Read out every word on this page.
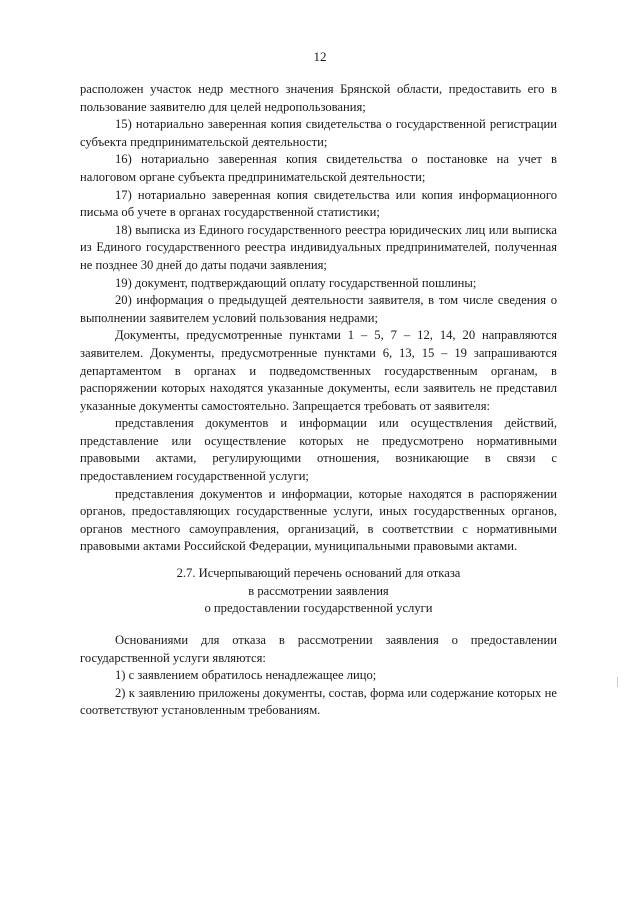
12

расположен участок недр местного значения Брянской области, предоставить его в пользование заявителю для целей недропользования;

15) нотариально заверенная копия свидетельства о государственной регистрации субъекта предпринимательской деятельности;

16) нотариально заверенная копия свидетельства о постановке на учет в налоговом органе субъекта предпринимательской деятельности;

17) нотариально заверенная копия свидетельства или копия информационного письма об учете в органах государственной статистики;

18) выписка из Единого государственного реестра юридических лиц или выписка из Единого государственного реестра индивидуальных предпринимателей, полученная не позднее 30 дней до даты подачи заявления;

19) документ, подтверждающий оплату государственной пошлины;

20) информация о предыдущей деятельности заявителя, в том числе сведения о выполнении заявителем условий пользования недрами;

Документы, предусмотренные пунктами 1 – 5, 7 – 12, 14, 20 направляются заявителем. Документы, предусмотренные пунктами 6, 13, 15 – 19 запрашиваются департаментом в органах и подведомственных государственным органам, в распоряжении которых находятся указанные документы, если заявитель не представил указанные документы самостоятельно. Запрещается требовать от заявителя:

представления документов и информации или осуществления действий, представление или осуществление которых не предусмотрено нормативными правовыми актами, регулирующими отношения, возникающие в связи с предоставлением государственной услуги;

представления документов и информации, которые находятся в распоряжении органов, предоставляющих государственные услуги, иных государственных органов, органов местного самоуправления, организаций, в соответствии с нормативными правовыми актами Российской Федерации, муниципальными правовыми актами.

2.7. Исчерпывающий перечень оснований для отказа
в рассмотрении заявления
о предоставлении государственной услуги

Основаниями для отказа в рассмотрении заявления о предоставлении государственной услуги являются:

1) с заявлением обратилось ненадлежащее лицо;

2) к заявлению приложены документы, состав, форма или содержание которых не соответствуют установленным требованиям.
